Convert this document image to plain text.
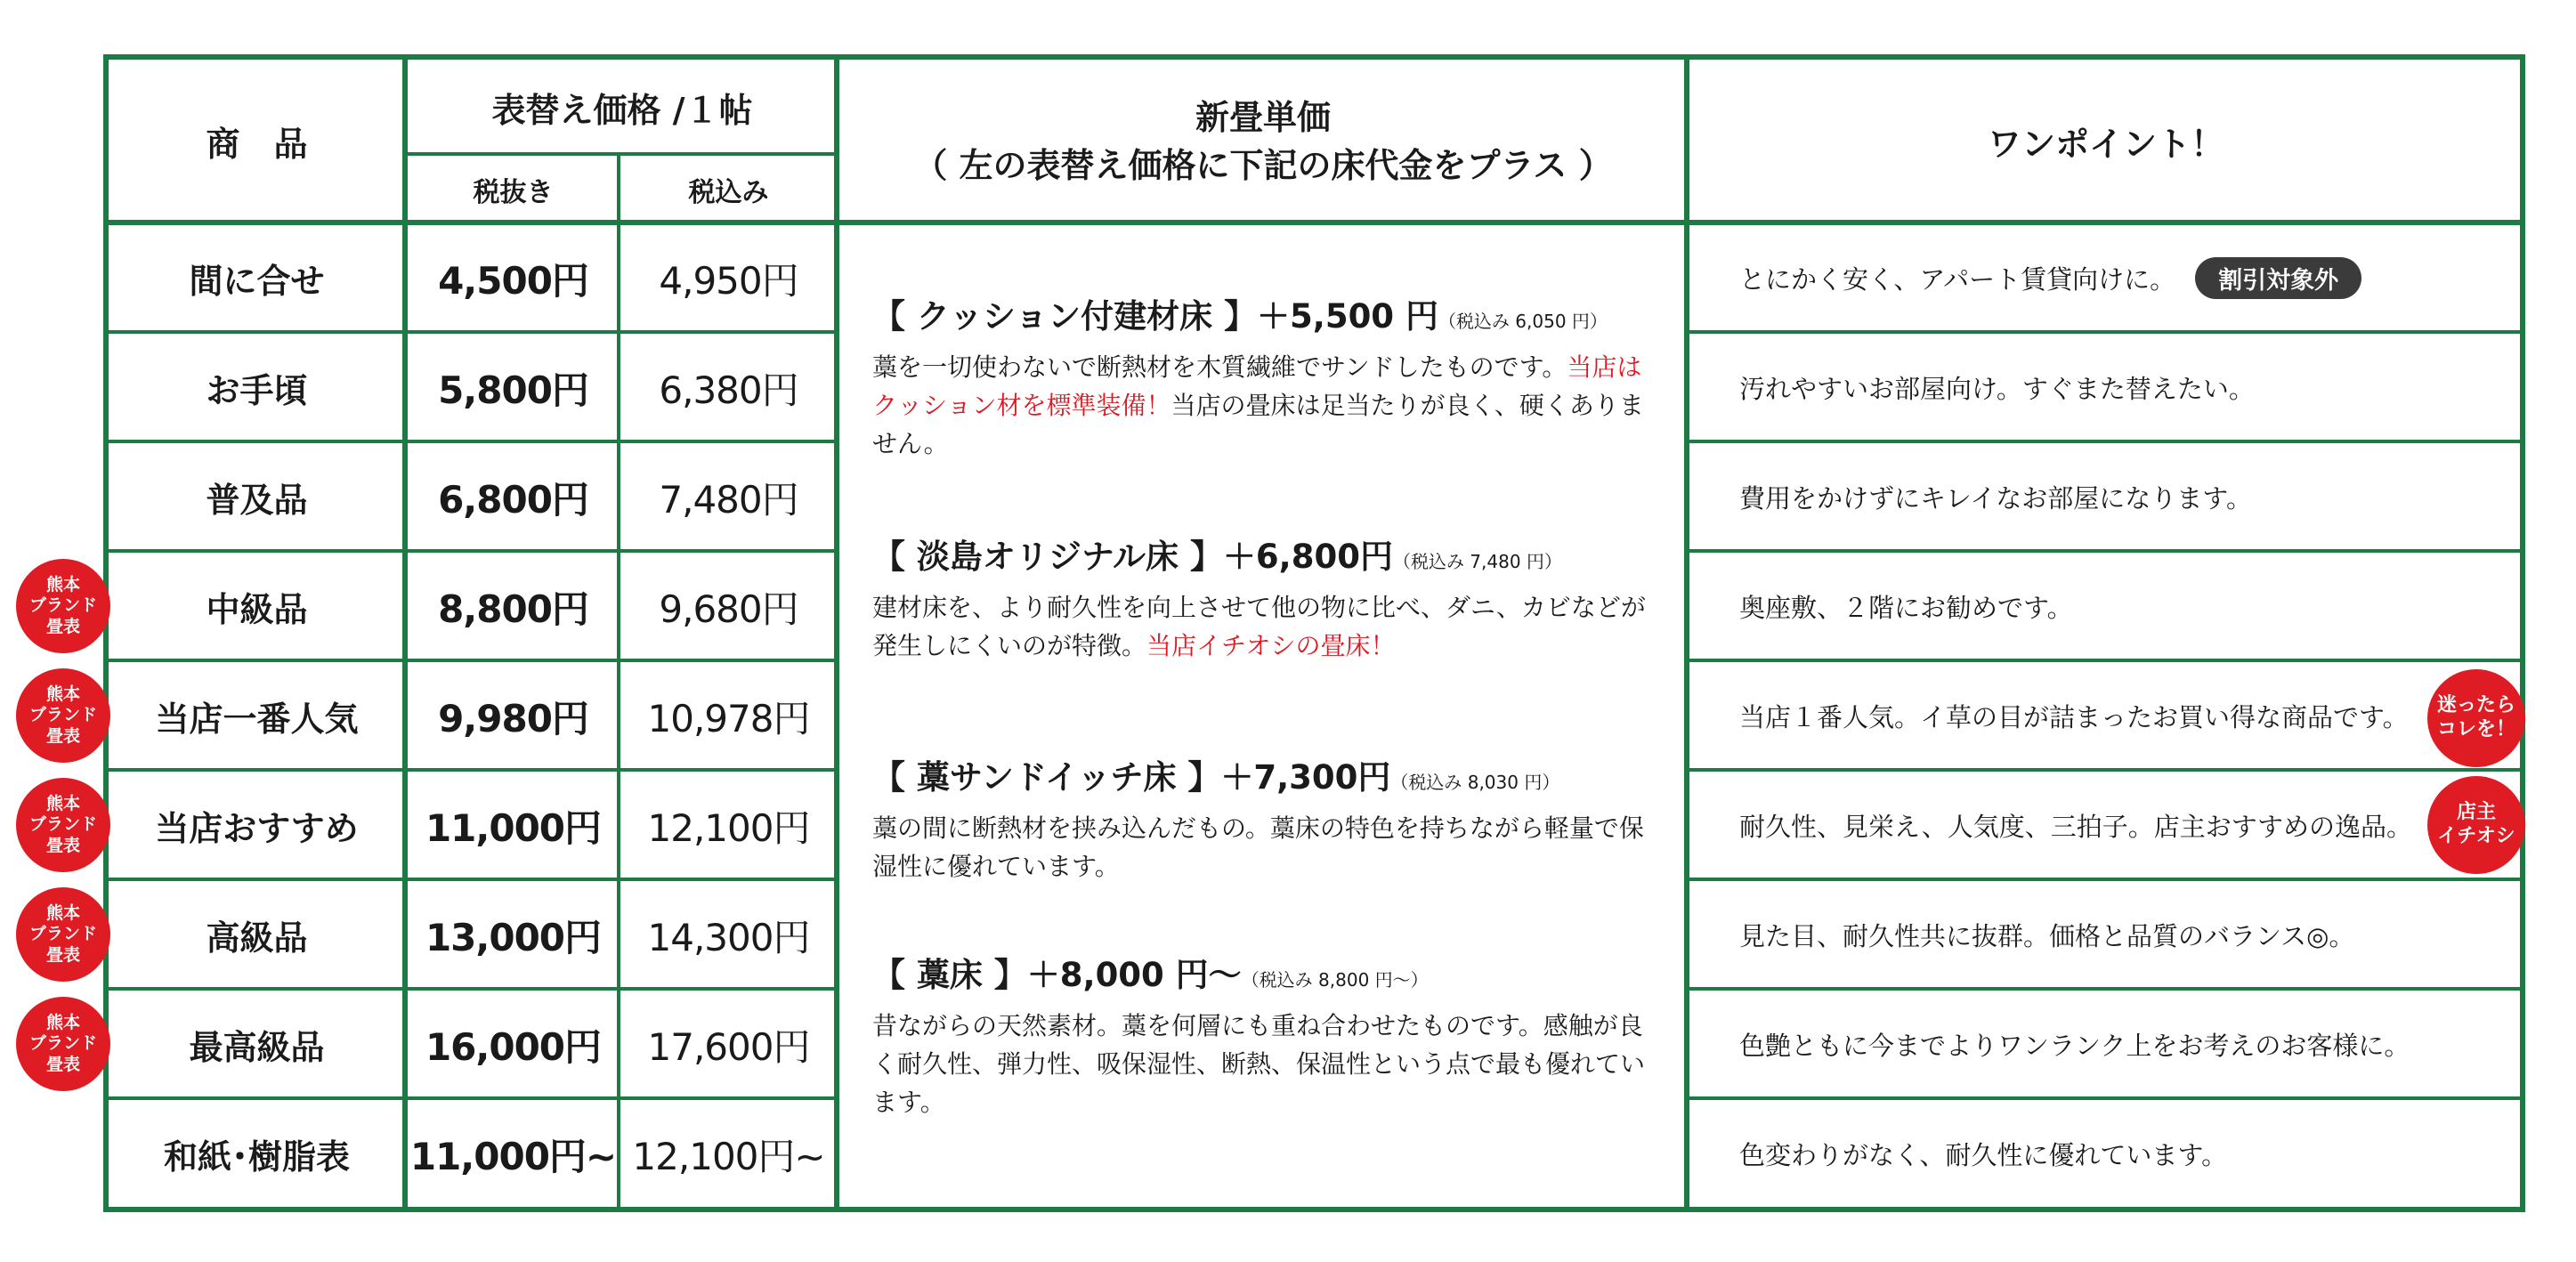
商　品
表替え価格 /１帖
税抜き	税込み
新畳単価
（ 左の表替え価格に下記の床代金をプラス ）
ワンポイント！
間に合せ	4,500円	4,950円	とにかく安く、アパート賃貸向けに。	割引対象外
お手頃	5,800円	6,380円	汚れやすいお部屋向け。すぐまた替えたい。
普及品	6,800円	7,480円	費用をかけずにキレイなお部屋になります。
中級品	8,800円	9,680円	奥座敷、２階にお勧めです。
当店一番人気	9,980円	10,978円	当店１番人気。イ草の目が詰まったお買い得な商品です。
当店おすすめ	11,000円	12,100円	耐久性、見栄え、人気度、三拍子。店主おすすめの逸品。
高級品	13,000円	14,300円	見た目、耐久性共に抜群。価格と品質のバランス◎。
最高級品	16,000円	17,600円	色艶ともに今までよりワンランク上をお考えのお客様に。
和紙･樹脂表	11,000円~ 12,100円~	色変わりがなく、耐久性に優れています。
【 クッション付建材床 】＋5,500 円（税込み 6,050 円）
藁を一切使わないで断熱材を木質繊維でサンドしたものです。当店はクッション材を標準装備！当店の畳床は足当たりが良く、硬くありません。
【 淡島オリジナル床 】＋6,800円（税込み 7,480 円）
建材床を、より耐久性を向上させて他の物に比べ、ダニ、カビなどが発生しにくいのが特徴。当店イチオシの畳床！
【 藁サンドイッチ床 】＋7,300円（税込み 8,030 円）
藁の間に断熱材を挟み込んだもの。藁床の特色を持ちながら軽量で保湿性に優れています。
【 藁床 】＋8,000 円～（税込み 8,800 円～）
昔ながらの天然素材。藁を何層にも重ね合わせたものです。感触が良く耐久性、弾力性、吸保湿性、断熱、保温性という点で最も優れています。
熊本
ブランド
畳表
熊本
ブランド
畳表
熊本
ブランド
畳表
熊本
ブランド
畳表
熊本
ブランド
畳表
迷ったら
コレを！
店主
イチオシ
